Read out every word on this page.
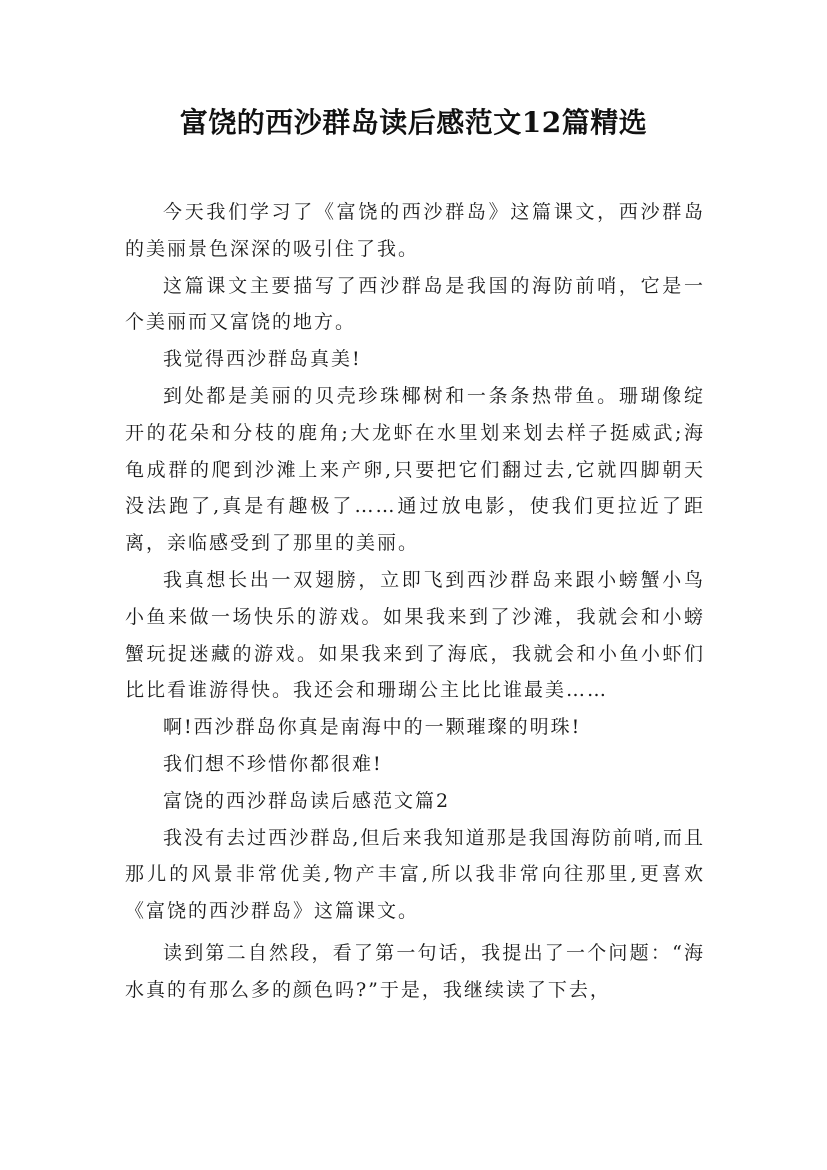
富饶的西沙群岛读后感范文12篇精选

今天我们学习了《富饶的西沙群岛》这篇课文，西沙群岛的美丽景色深深的吸引住了我。

这篇课文主要描写了西沙群岛是我国的海防前哨，它是一个美丽而又富饶的地方。

我觉得西沙群岛真美!

到处都是美丽的贝壳珍珠椰树和一条条热带鱼。珊瑚像绽开的花朵和分枝的鹿角;大龙虾在水里划来划去样子挺威武;海龟成群的爬到沙滩上来产卵,只要把它们翻过去,它就四脚朝天没法跑了,真是有趣极了……通过放电影，使我们更拉近了距离，亲临感受到了那里的美丽。

我真想长出一双翅膀，立即飞到西沙群岛来跟小螃蟹小鸟小鱼来做一场快乐的游戏。如果我来到了沙滩，我就会和小螃蟹玩捉迷藏的游戏。如果我来到了海底，我就会和小鱼小虾们比比看谁游得快。我还会和珊瑚公主比比谁最美……

啊!西沙群岛你真是南海中的一颗璀璨的明珠!

我们想不珍惜你都很难!

富饶的西沙群岛读后感范文篇2

我没有去过西沙群岛,但后来我知道那是我国海防前哨,而且那儿的风景非常优美,物产丰富,所以我非常向往那里,更喜欢《富饶的西沙群岛》这篇课文。

读到第二自然段，看了第一句话，我提出了一个问题：“海水真的有那么多的颜色吗?”于是，我继续读了下去，
